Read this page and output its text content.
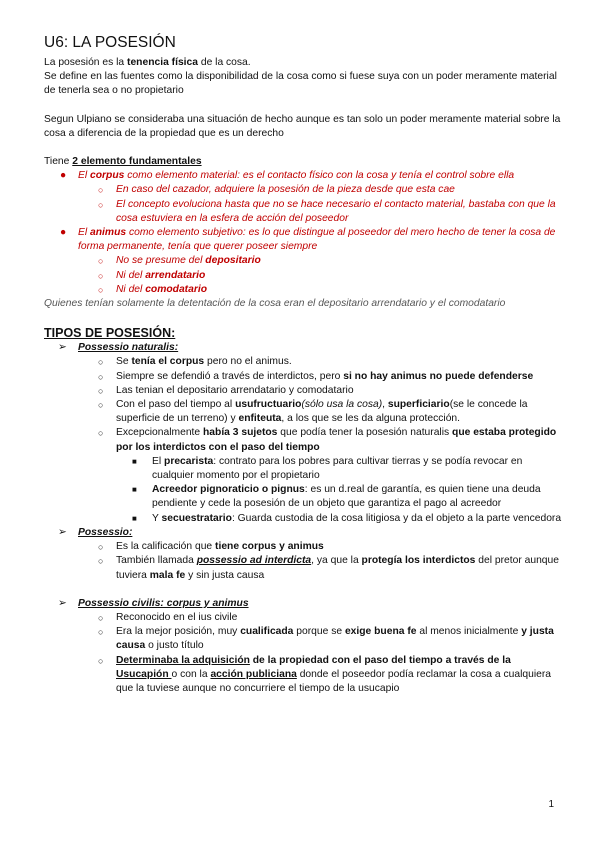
U6: LA POSESIÓN

La posesión es la tenencia física de la cosa.

Se define en las fuentes como la disponibilidad de la cosa como si fuese suya con un poder meramente material de tenerla sea o no propietario

Segun Ulpiano se consideraba una situación de hecho aunque es tan solo un poder meramente material sobre la cosa a diferencia de la propiedad que es un derecho

Tiene 2 elemento fundamentales

● El corpus como elemento material: es el contacto físico con la cosa y tenía el control sobre ella
○ En caso del cazador, adquiere la posesión de la pieza desde que esta cae
○ El concepto evoluciona hasta que no se hace necesario el contacto material, bastaba con que la cosa estuviera en la esfera de acción del poseedor
● El animus como elemento subjetivo: es lo que distingue al poseedor del mero hecho de tener la cosa de forma permanente, tenía que querer poseer siempre
○ No se presume del depositario
○ Ni del arrendatario
○ Ni del comodatario

Quienes tenían solamente la detentación de la cosa eran el depositario arrendatario y el comodatario

TIPOS DE POSESIÓN:
➢ Possessio naturalis:
○ Se tenía el corpus pero no el animus.
○ Siempre se defendió a través de interdictos, pero si no hay animus no puede defenderse
○ Las tenian el depositario arrendatario y comodatario
○ Con el paso del tiempo al usufructuario(sólo usa la cosa), superficiario(se le concede la superficie de un terreno) y enfiteuta, a los que se les da alguna protección.
○ Excepcionalmente había 3 sujetos que podía tener la posesión naturalis que estaba protegido por los interdictos con el paso del tiempo
■ El precarista: contrato para los pobres para cultivar tierras y se podía revocar en cualquier momento por el propietario
■ Acreedor pignoraticio o pignus: es un d.real de garantía, es quien tiene una deuda pendiente y cede la posesión de un objeto que garantiza el pago al acreedor
■ Y secuestratario: Guarda custodia de la cosa litigiosa y da el objeto a la parte vencedora
➢ Possessio:
○ Es la calificación que tiene corpus y animus
○ También llamada possessio ad interdicta, ya que la protegía los interdictos del pretor aunque tuviera mala fe y sin justa causa
➢ Possessio civilis: corpus y animus
○ Reconocido en el ius civile
○ Era la mejor posición, muy cualificada porque se exige buena fe al menos inicialmente y justa causa o justo título
○ Determinaba la adquisición de la propiedad con el paso del tiempo a través de la Usucapión o con la acción publiciana donde el poseedor podía reclamar la cosa a cualquiera que la tuviese aunque no concurriere el tiempo de la usucapio
1
